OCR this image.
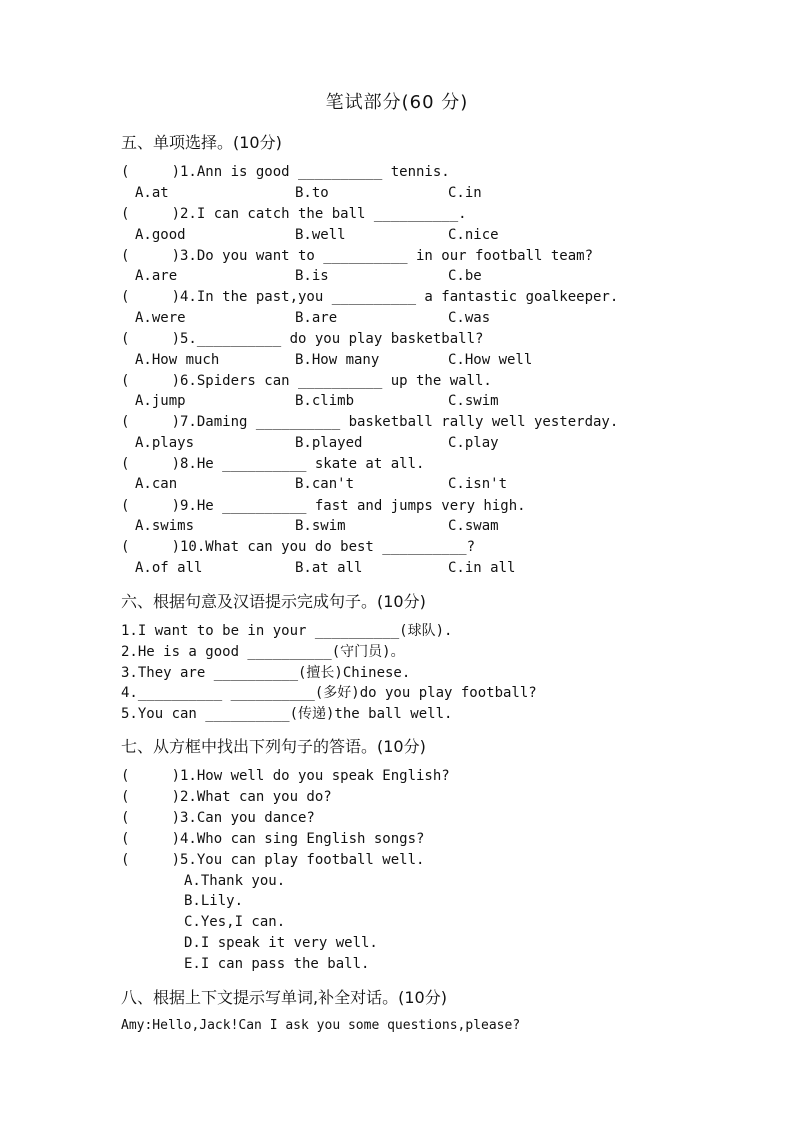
笔试部分(60 分)
五、单项选择。(10分)
(     )1.Ann is good __________ tennis.
A.at	B.to	C.in
(     )2.I can catch the ball __________.
A.good	B.well	C.nice
(     )3.Do you want to __________ in our football team?
A.are	B.is	C.be
(     )4.In the past,you __________ a fantastic goalkeeper.
A.were	B.are	C.was
(     )5.__________ do you play basketball?
A.How much	B.How many	C.How well
(     )6.Spiders can __________ up the wall.
A.jump	B.climb	C.swim
(     )7.Daming __________ basketball rally well yesterday.
A.plays	B.played	C.play
(     )8.He __________ skate at all.
A.can	B.can't	C.isn't
(     )9.He __________ fast and jumps very high.
A.swims	B.swim	C.swam
(     )10.What can you do best __________?
A.of all	B.at all	C.in all
六、根据句意及汉语提示完成句子。(10分)
1.I want to be in your __________(球队).
2.He is a good __________(守门员)。
3.They are __________(擅长)Chinese.
4.__________ __________(多好)do you play football?
5.You can __________(传递)the ball well.
七、从方框中找出下列句子的答语。(10分)
(     )1.How well do you speak English?
(     )2.What can you do?
(     )3.Can you dance?
(     )4.Who can sing English songs?
(     )5.You can play football well.
A.Thank you.
B.Lily.
C.Yes,I can.
D.I speak it very well.
E.I can pass the ball.
八、根据上下文提示写单词,补全对话。(10分)
Amy:Hello,Jack!Can I ask you some questions,please?
